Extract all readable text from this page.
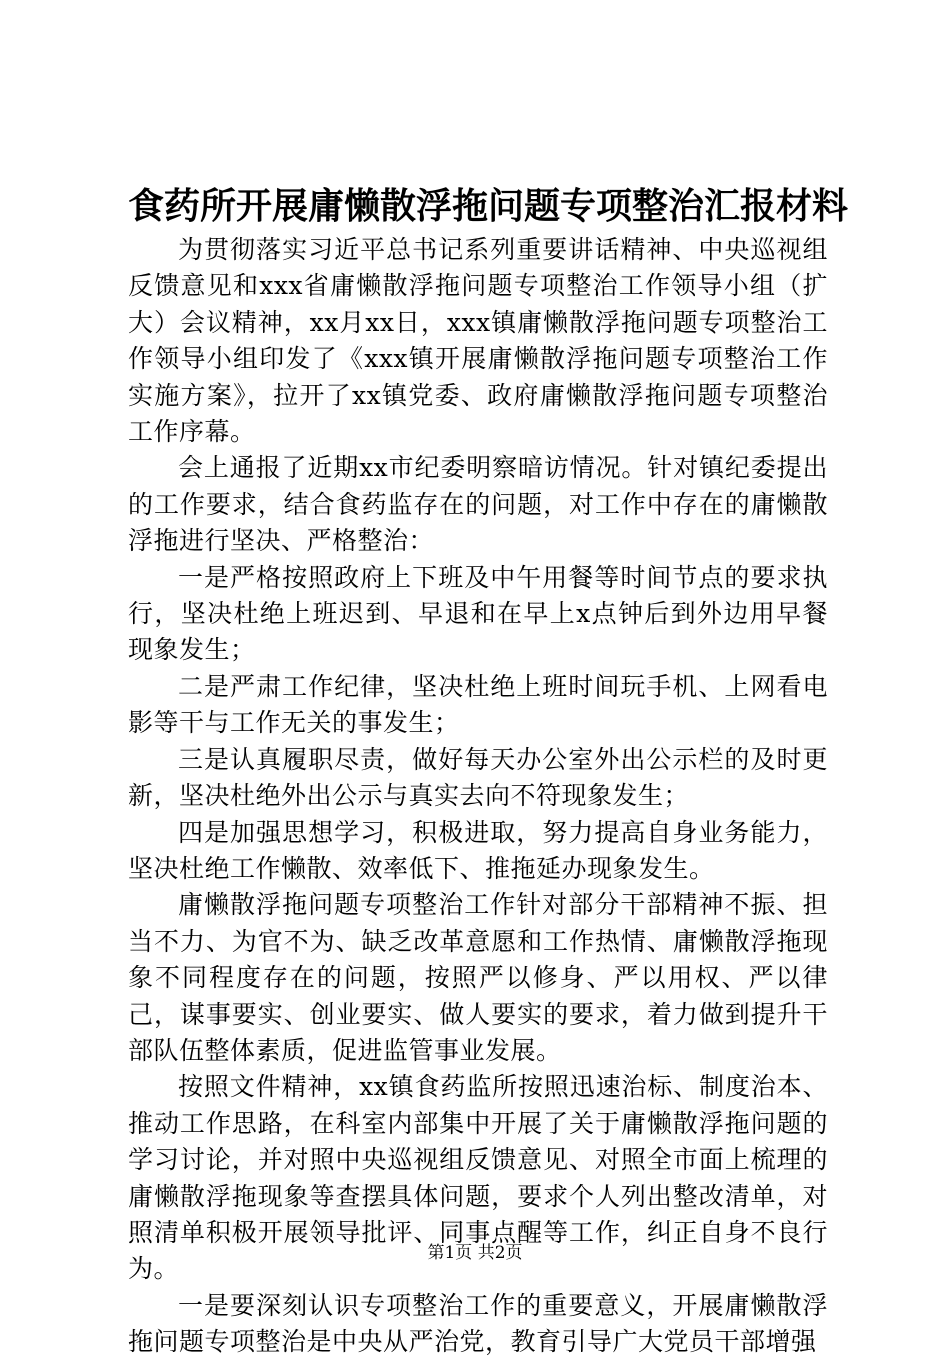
食药所开展庸懒散浮拖问题专项整治汇报材料

为贯彻落实习近平总书记系列重要讲话精神、中央巡视组反馈意见和xxx省庸懒散浮拖问题专项整治工作领导小组（扩大）会议精神，xx月xx日，xxx镇庸懒散浮拖问题专项整治工作领导小组印发了《xxx镇开展庸懒散浮拖问题专项整治工作实施方案》，拉开了xx镇党委、政府庸懒散浮拖问题专项整治工作序幕。

会上通报了近期xx市纪委明察暗访情况。针对镇纪委提出的工作要求，结合食药监存在的问题，对工作中存在的庸懒散浮拖进行坚决、严格整治：

一是严格按照政府上下班及中午用餐等时间节点的要求执行，坚决杜绝上班迟到、早退和在早上x点钟后到外边用早餐现象发生；

二是严肃工作纪律，坚决杜绝上班时间玩手机、上网看电影等干与工作无关的事发生；

三是认真履职尽责，做好每天办公室外出公示栏的及时更新，坚决杜绝外出公示与真实去向不符现象发生；

四是加强思想学习，积极进取，努力提高自身业务能力，坚决杜绝工作懒散、效率低下、推拖延办现象发生。

庸懒散浮拖问题专项整治工作针对部分干部精神不振、担当不力、为官不为、缺乏改革意愿和工作热情、庸懒散浮拖现象不同程度存在的问题，按照严以修身、严以用权、严以律己，谋事要实、创业要实、做人要实的要求，着力做到提升干部队伍整体素质，促进监管事业发展。

按照文件精神，xx镇食药监所按照迅速治标、制度治本、推动工作思路，在科室内部集中开展了关于庸懒散浮拖问题的学习讨论，并对照中央巡视组反馈意见、对照全市面上梳理的庸懒散浮拖现象等查摆具体问题，要求个人列出整改清单，对照清单积极开展领导批评、同事点醒等工作，纠正自身不良行为。

一是要深刻认识专项整治工作的重要意义，开展庸懒散浮拖问题专项整治是中央从严治党，教育引导广大党员干部增强

第1页 共2页
